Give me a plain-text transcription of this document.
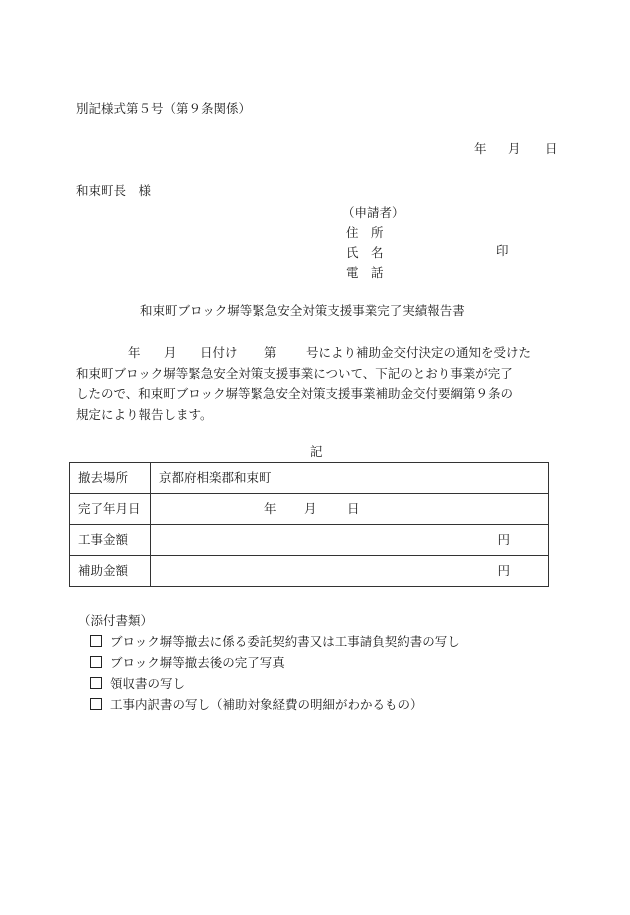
別記様式第５号（第９条関係）
年 月 日
和束町長　様
（申請者）
住　所
氏　名
電　話
印
和束町ブロック塀等緊急安全対策支援事業完了実績報告書
年 月 日付け 第 号により補助金交付決定の通知を受けた
和束町ブロック塀等緊急安全対策支援事業について、下記のとおり事業が完了
したので、和束町ブロック塀等緊急安全対策支援事業補助金交付要綱第９条の
規定により報告します。
記
撤去場所	京都府相楽郡和束町
完了年月日	年 月 日
工事金額	円
補助金額	円
（添付書類）
ブロック塀等撤去に係る委託契約書又は工事請負契約書の写し
ブロック塀等撤去後の完了写真
領収書の写し
工事内訳書の写し（補助対象経費の明細がわかるもの）
